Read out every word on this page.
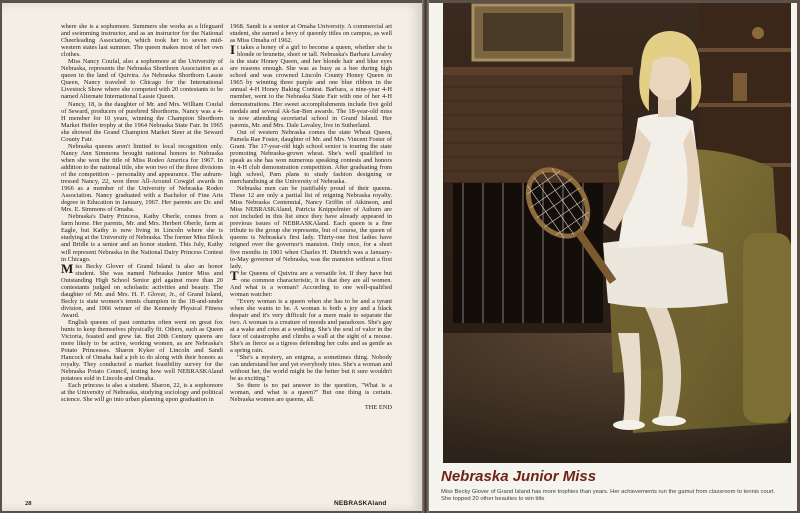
where she is a sophomore. Summers she works as a lifeguard and swimming instructor, and as an instructor for the National Cheerleading Association, which took her to seven mid-western states last summer. The queen makes most of her own clothes.

Miss Nancy Coufal, also a sophomore at the University of Nebraska, represents the Nebraska Shorthorn Association as a queen in the land of Quivira. As Nebraska Shorthorn Lassie Queen, Nancy traveled to Chicago for the International Livestock Show where she competed with 20 contestants to be named Alternate International Lassie Queen.

Nancy, 18, is the daughter of Mr. and Mrs. William Coufal of Seward, producers of purebred Shorthorns. Nancy was a 4-H member for 10 years, winning the Champion Shorthorn Market Heifer trophy at the 1964 Nebraska State Fair. In 1965 she showed the Grand Champion Market Steer at the Seward County Fair.

Nebraska queens aren't limited to local recognition only. Nancy Ann Simmons brought national honors to Nebraska when she won the title of Miss Rodeo America for 1967. In addition to the national title, she won two of the three divisions of the competition – personality and appearance. The auburn-tressed Nancy, 22, won three All-Around Cowgirl awards in 1966 as a member of the University of Nebraska Rodeo Association. Nancy graduated with a Bachelor of Fine Arts degree in Education in January, 1967. Her parents are Dr. and Mrs. E. Simmons of Omaha.

Nebraska's Dairy Princess, Kathy Oberle, comes from a farm home. Her parents, Mr. and Mrs. Herbert Oberle, farm at Eagle, but Kathy is now living in Lincoln where she is studying at the University of Nebraska. The former Miss Block and Bridle is a senior and an honor student. This July, Kathy will represent Nebraska in the National Dairy Princess Contest in Chicago.

Miss Becky Glover of Grand Island is also an honor student. She was named Nebraska Junior Miss and Outstanding High School Senior girl against more than 20 contestants judged on scholastic activities and beauty. The daughter of Mr. and Mrs. H. F. Glover, Jr., of Grand Island, Becky is state women's tennis champion in the 18-and-under division, and 1966 winner of the Kennedy Physical Fitness Award.

English queens of past centuries often went on great fox hunts to keep themselves physically fit. Others, such as Queen Victoria, feasted and grew fat. But 20th Century queens are more likely to be active, working women, as are Nebraska's Potato Princesses. Sharon Kyker of Lincoln and Sandi Hancock of Omaha had a job to do along with their honors as royalty. They conducted a market feasibility survey for the Nebraska Potato Council, testing how well NEBRASKAland potatoes sold in Lincoln and Omaha.

Each princess is also a student. Sharon, 22, is a sophomore at the University of Nebraska, studying sociology and political science. She will go into urban planning upon graduation in

1968. Sandi is a senior at Omaha University. A commercial art student, she earned a bevy of queenly titles on campus, as well as Miss Omaha of 1962.

It takes a honey of a girl to become a queen, whether she is blonde or brunette, short or tall. Nebraska's Barbara Lavaley is the state Honey Queen, and her blonde hair and blue eyes are reasons enough. She was as busy as a bee during high school and was crowned Lincoln County Honey Queen in 1965 by winning three purple and one blue ribbon in the annual 4-H Honey Baking Contest. Barbara, a nine-year 4-H member, went to the Nebraska State Fair with one of her 4-H demonstrations. Her sweet accomplishments include five gold medals and several Ak-Sar-Ben awards. The 18-year-old miss is now attending secretarial school in Grand Island. Her parents, Mr. and Mrs. Dale Lavaley, live in Sutherland.

Out of western Nebraska comes the state Wheat Queen, Pamela Rae Foster, daughter of Mr. and Mrs. Vincent Foster of Grant. The 17-year-old high school senior is touring the state promoting Nebraska-grown wheat. She's well qualified to speak as she has won numerous speaking contests and honors in 4-H club demonstration competition. After graduating from high school, Pam plans to study fashion designing or merchandising at the University of Nebraska.

Nebraska men can be justifiably proud of their queens. These 12 are only a partial list of reigning Nebraska royalty. Miss Nebraska Centennial, Nancy Griffin of Atkinson, and Miss NEBRASKAland, Patricia Knippelmier of Auburn are not included in this list since they have already appeared in previous issues of NEBRASKAland. Each queen is a fine tribute to the group she represents, but of course, the queen of queens is Nebraska's first lady. Thirty-one first ladies have reigned over the governor's mansion. Only once, for a short five months in 1901 when Charles H. Dietrich was a January-to-May governor of Nebraska, was the mansion without a first lady.

The Queens of Quivira are a versatile lot. If they have but one common characteristic, it is that they are all women. And what is a woman? According to one well-qualified woman watcher:

"Every woman is a queen when she has to be and a tyrant when she wants to be. A woman is both a joy and a black despair and it's very difficult for a mere male to separate the two. A woman is a creature of moods and paradoxes. She's gay at a wake and cries at a wedding. She's the soul of valor in the face of catastrophe and climbs a wall at the sight of a mouse. She's as fierce as a tigress defending her cubs and as gentle as a spring rain.

"She's a mystery, an enigma, a sometimes thing. Nobody can understand her and yet everybody tries. She's a woman and without her, the world might be the better but it sure wouldn't be as exciting."

So there is no pat answer to the question, "What is a woman, and what is a queen?" But one thing is certain. Nebraska women are queens, all.

THE END

28	NEBRASKAland
Nebraska Junior Miss
Miss Becky Glover of Grand Island has more trophies than years. Her achievements run the gamut from classroom to tennis court. She topped 20 other beauties to win title
